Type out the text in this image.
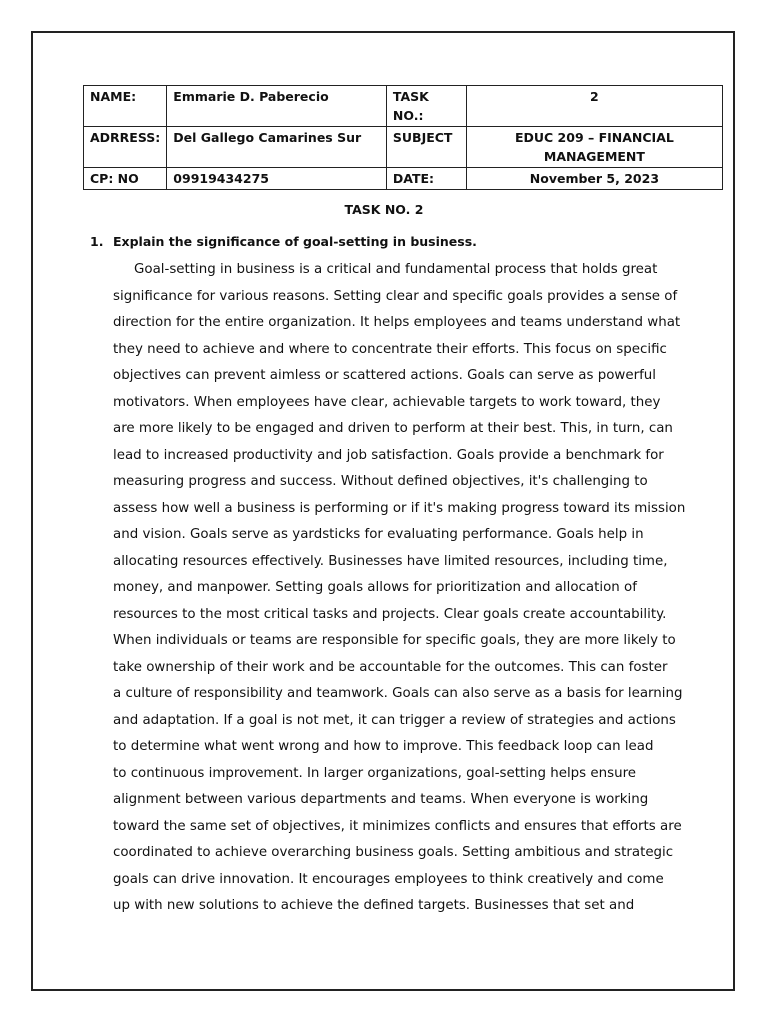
NAME:	Emmarie D. Paberecio	TASK NO.:	2
ADRRESS:	Del Gallego Camarines Sur	SUBJECT	EDUC 209 – FINANCIAL MANAGEMENT
CP: NO	09919434275	DATE:	November 5, 2023
TASK NO. 2
1. Explain the significance of goal-setting in business.

Goal-setting in business is a critical and fundamental process that holds great
significance for various reasons. Setting clear and specific goals provides a sense of
direction for the entire organization. It helps employees and teams understand what
they need to achieve and where to concentrate their efforts. This focus on specific
objectives can prevent aimless or scattered actions. Goals can serve as powerful
motivators. When employees have clear, achievable targets to work toward, they
are more likely to be engaged and driven to perform at their best. This, in turn, can
lead to increased productivity and job satisfaction. Goals provide a benchmark for
measuring progress and success. Without defined objectives, it's challenging to
assess how well a business is performing or if it's making progress toward its mission
and vision. Goals serve as yardsticks for evaluating performance. Goals help in
allocating resources effectively. Businesses have limited resources, including time,
money, and manpower. Setting goals allows for prioritization and allocation of
resources to the most critical tasks and projects. Clear goals create accountability.
When individuals or teams are responsible for specific goals, they are more likely to
take ownership of their work and be accountable for the outcomes. This can foster
a culture of responsibility and teamwork. Goals can also serve as a basis for learning
and adaptation. If a goal is not met, it can trigger a review of strategies and actions
to determine what went wrong and how to improve. This feedback loop can lead
to continuous improvement. In larger organizations, goal-setting helps ensure
alignment between various departments and teams. When everyone is working
toward the same set of objectives, it minimizes conflicts and ensures that efforts are
coordinated to achieve overarching business goals. Setting ambitious and strategic
goals can drive innovation. It encourages employees to think creatively and come
up with new solutions to achieve the defined targets. Businesses that set and
